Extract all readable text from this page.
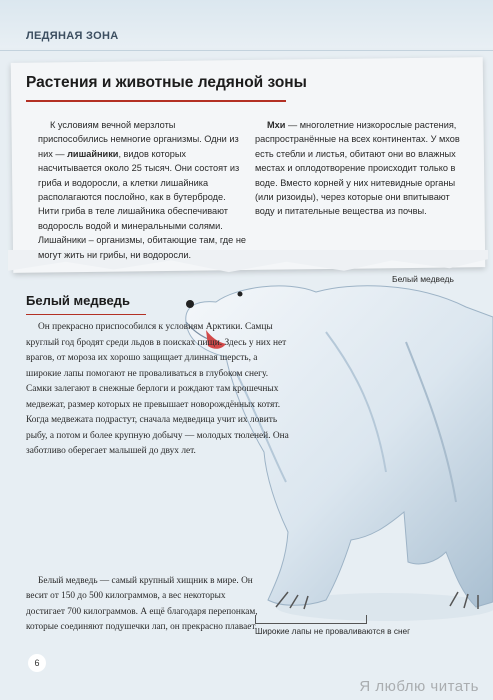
ЛЕДЯНАЯ ЗОНА
Растения и животные ледяной зоны

К условиям вечной мерзлоты приспособились немногие организмы. Одни из них — лишайники, видов которых насчитывается около 25 тысяч. Они состоят из гриба и водоросли, а клетки лишайника располагаются послойно, как в бутерброде. Нити гриба в теле лишайника обеспечивают водоросль водой и минеральными солями. Лишайники – организмы, обитающие там, где не могут жить ни грибы, ни водоросли.

Мхи — многолетние низкорослые растения, распространённые на всех континентах. У мхов есть стебли и листья, обитают они во влажных местах и оплодотворение происходит только в воде. Вместо корней у них нитевидные органы (или ризоиды), через которые они впитывают воду и питательные вещества из почвы.

Белый медведь
Белый медведь

Он прекрасно приспособился к условиям Арктики. Самцы круглый год бродят среди льдов в поисках пищи. Здесь у них нет врагов, от мороза их хорошо защищает длинная шерсть, а широкие лапы помогают не проваливаться в глубоком снегу. Самки залегают в снежные берлоги и рождают там крошечных медвежат, размер которых не превышает новорождённых котят. Когда медвежата подрастут, сначала медведица учит их ловить рыбу, а потом и более крупную добычу — молодых тюленей. Она заботливо оберегает малышей до двух лет.

Белый медведь — самый крупный хищник в мире. Он весит от 150 до 500 килограммов, а вес некоторых достигает 700 килограммов. А ещё благодаря перепонкам, которые соединяют подушечки лап, он прекрасно плавает.

Широкие лапы не проваливаются в снег
6
Я люблю читать
